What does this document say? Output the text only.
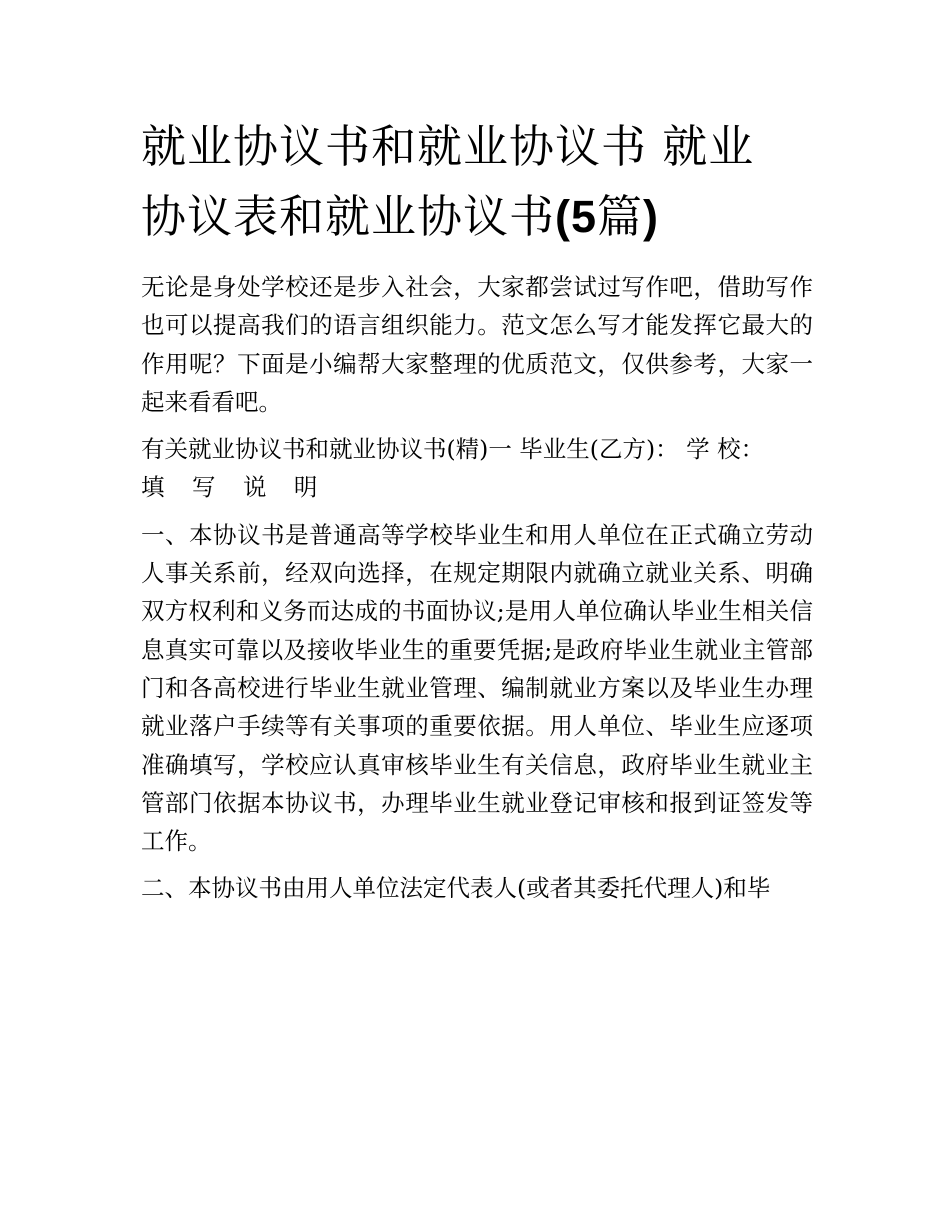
就业协议书和就业协议书 就业
协议表和就业协议书(5篇)

无论是身处学校还是步入社会，大家都尝试过写作吧，借助写作也可以提高我们的语言组织能力。范文怎么写才能发挥它最大的作用呢？下面是小编帮大家整理的优质范文，仅供参考，大家一起来看看吧。

有关就业协议书和就业协议书(精)一 毕业生(乙方)： 学 校：

填 写 说 明

一、本协议书是普通高等学校毕业生和用人单位在正式确立劳动人事关系前，经双向选择，在规定期限内就确立就业关系、明确双方权利和义务而达成的书面协议;是用人单位确认毕业生相关信息真实可靠以及接收毕业生的重要凭据;是政府毕业生就业主管部门和各高校进行毕业生就业管理、编制就业方案以及毕业生办理就业落户手续等有关事项的重要依据。用人单位、毕业生应逐项准确填写，学校应认真审核毕业生有关信息，政府毕业生就业主管部门依据本协议书，办理毕业生就业登记审核和报到证签发等工作。

二、本协议书由用人单位法定代表人(或者其委托代理人)和毕
